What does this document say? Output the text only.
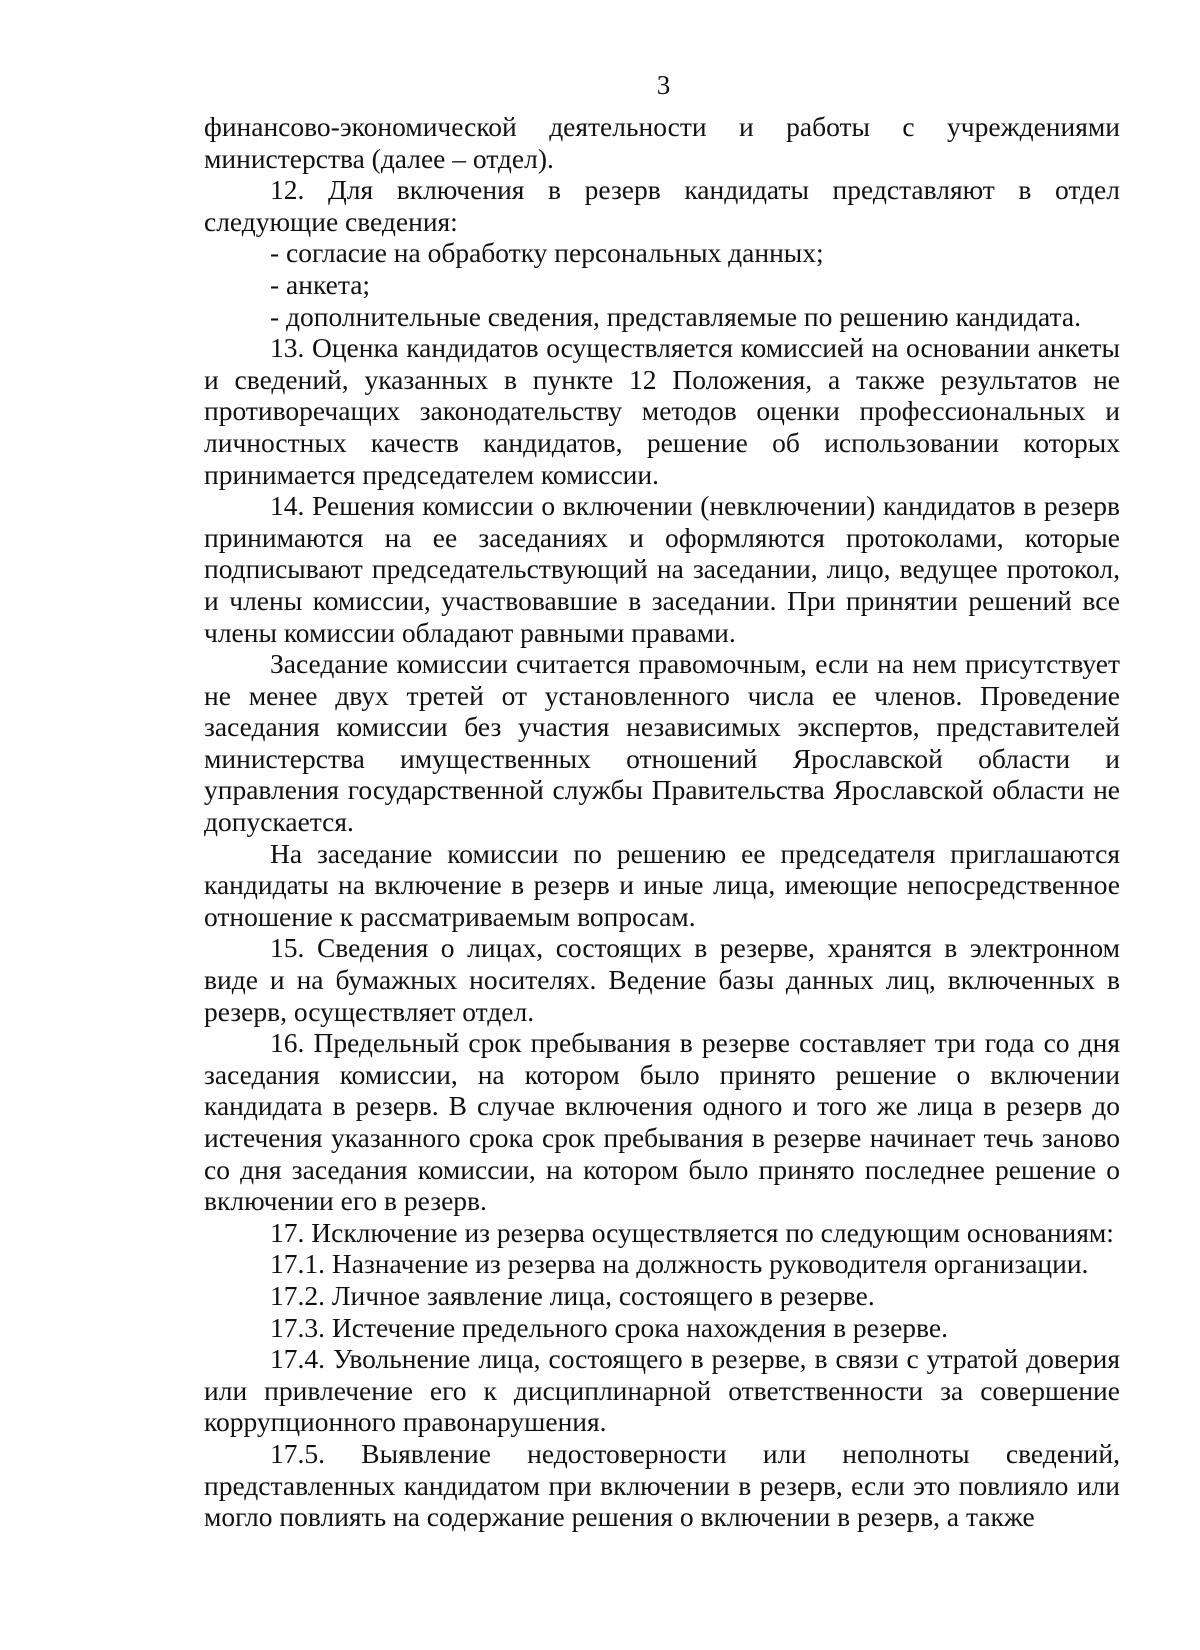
3

финансово-экономической деятельности и работы с учреждениями министерства (далее – отдел).

12. Для включения в резерв кандидаты представляют в отдел следующие сведения:

- согласие на обработку персональных данных;

- анкета;

- дополнительные сведения, представляемые по решению кандидата.

13. Оценка кандидатов осуществляется комиссией на основании анкеты и сведений, указанных в пункте 12 Положения, а также результатов не противоречащих законодательству методов оценки профессиональных и личностных качеств кандидатов, решение об использовании которых принимается председателем комиссии.

14. Решения комиссии о включении (невключении) кандидатов в резерв принимаются на ее заседаниях и оформляются протоколами, которые подписывают председательствующий на заседании, лицо, ведущее протокол, и члены комиссии, участвовавшие в заседании. При принятии решений все члены комиссии обладают равными правами.

Заседание комиссии считается правомочным, если на нем присутствует не менее двух третей от установленного числа ее членов. Проведение заседания комиссии без участия независимых экспертов, представителей министерства имущественных отношений Ярославской области и управления государственной службы Правительства Ярославской области не допускается.

На заседание комиссии по решению ее председателя приглашаются кандидаты на включение в резерв и иные лица, имеющие непосредственное отношение к рассматриваемым вопросам.

15. Сведения о лицах, состоящих в резерве, хранятся в электронном виде и на бумажных носителях. Ведение базы данных лиц, включенных в резерв, осуществляет отдел.

16. Предельный срок пребывания в резерве составляет три года со дня заседания комиссии, на котором было принято решение о включении кандидата в резерв. В случае включения одного и того же лица в резерв до истечения указанного срока срок пребывания в резерве начинает течь заново со дня заседания комиссии, на котором было принято последнее решение о включении его в резерв.

17. Исключение из резерва осуществляется по следующим основаниям:

17.1. Назначение из резерва на должность руководителя организации.

17.2. Личное заявление лица, состоящего в резерве.

17.3. Истечение предельного срока нахождения в резерве.

17.4. Увольнение лица, состоящего в резерве, в связи с утратой доверия или привлечение его к дисциплинарной ответственности за совершение коррупционного правонарушения.

17.5. Выявление недостоверности или неполноты сведений, представленных кандидатом при включении в резерв, если это повлияло или могло повлиять на содержание решения о включении в резерв, а также
